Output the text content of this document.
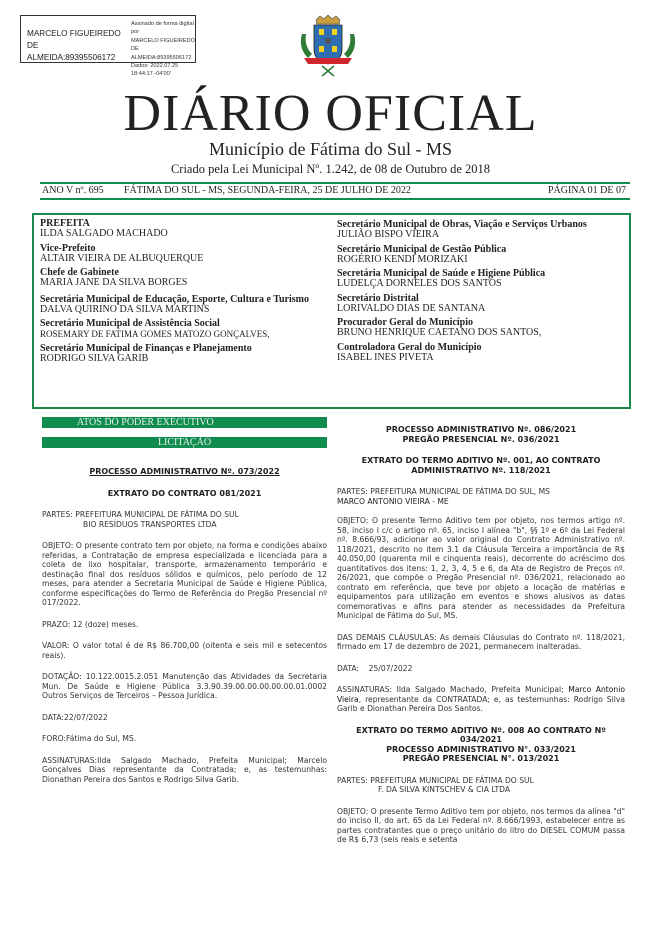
MARCELO FIGUEIREDO DE ALMEIDA:89395506172
Assinado de forma digital por
MARCELO FIGUEIREDO DE
ALMEIDA:89395506172
Dados: 2022.07.25 18:44:17 -04'00'
DIÁRIO OFICIAL
Município de Fátima do Sul - MS
Criado pela Lei Municipal Nº. 1.242, de 08 de Outubro de 2018
ANO V nº. 695 FÁTIMA DO SUL - MS, SEGUNDA-FEIRA, 25 DE JULHO DE 2022	PÁGINA 01 DE 07
PREFEITA
ILDA SALGADO MACHADO
Vice-Prefeito
ALTAIR VIEIRA DE ALBUQUERQUE
Chefe de Gabinete
MARIA JANE DA SILVA BORGES
Secretária Municipal de Educação, Esporte, Cultura e Turismo
DALVA QUIRINO DA SILVA MARTINS
Secretário Municipal de Assistência Social
ROSEMARY DE FATIMA GOMES MATOZO GONÇALVES,
Secretário Municipal de Finanças e Planejamento
RODRIGO SILVA GARIB
Secretário Municipal de Obras, Viação e Serviços Urbanos
JULIÃO BISPO VIEIRA
Secretário Municipal de Gestão Pública
ROGÉRIO KENDI MORIZAKI
Secretária Municipal de Saúde e Higiene Pública
LUDELÇA DORNELES DOS SANTOS
Secretário Distrital
LORIVALDO DIAS DE SANTANA
Procurador Geral do Município
BRUNO HENRIQUE CAETANO DOS SANTOS,
Controladora Geral do Município
ISABEL INES PIVETA
ATOS DO PODER EXECUTIVO
LICITAÇÃO
PROCESSO ADMINISTRATIVO Nº. 073/2022
EXTRATO DO CONTRATO 081/2021
PARTES: PREFEITURA MUNICIPAL DE FÁTIMA DO SUL
BIO RESÍDUOS TRANSPORTES LTDA
OBJETO: O presente contrato tem por objeto, na forma e condições abaixo referidas, a Contratação de empresa especializada e licenciada para a coleta de lixo hospitalar, transporte, armazenamento temporário e destinação final dos resíduos sólidos e químicos, pelo período de 12 meses, para atender a Secretaria Municipal de Saúde e Higiene Pública, conforme especificações do Termo de Referência do Pregão Presencial nº 017/2022.
PRAZO: 12 (doze) meses.
VALOR: O valor total é de R$ 86.700,00 (oitenta e seis mil e setecentos reais).
DOTAÇÃO: 10.122.0015.2.051 Manutenção das Atividades da Secretaria Mun. De Saúde e Higiene Pública 3.3.90.39.00.00.00.00.00.01.0002 Outros Serviços de Terceiros – Pessoa Jurídica.
DATA:22/07/2022
FORO:Fátima do Sul, MS.
ASSINATURAS:Ilda Salgado Machado, Prefeita Municipal; Marcelo Gonçalves Dias representante da Contratada; e, as testemunhas: Dionathan Pereira dos Santos e Rodrigo Silva Garib.
PROCESSO ADMINISTRATIVO Nº. 086/2021
PREGÃO PRESENCIAL Nº. 036/2021
EXTRATO DO TERMO ADITIVO Nº. 001, AO CONTRATO ADMINISTRATIVO Nº. 118/2021
PARTES: PREFEITURA MUNICIPAL DE FÁTIMA DO SUL, MS
MARCO ANTONIO VIEIRA - ME
OBJETO: O presente Termo Aditivo tem por objeto, nos termos artigo nº. 58, inciso I c/c o artigo nº. 65, inciso I alínea "b", §§ 1º e 6º da Lei Federal nº. 8.666/93, adicionar ao valor original do Contrato Administrativo nº. 118/2021, descrito no item 3.1 da Cláusula Terceira a importância de R$ 40.050,00 (quarenta mil e cinquenta reais), decorrente do acréscimo dos quantitativos dos itens: 1, 2, 3, 4, 5 e 6, da Ata de Registro de Preços nº. 26/2021, que compõe o Pregão Presencial nº. 036/2021, relacionado ao contrato em referência, que teve por objeto a locação de matérias e equipamentos para utilização em eventos e shows alusivos as datas comemorativas e afins para atender as necessidades da Prefeitura Municipal de Fátima do Sul, MS.
DAS DEMAIS CLÁUSULAS: As demais Cláusulas do Contrato nº. 118/2021, firmado em 17 de dezembro de 2021, permanecem inalteradas.
DATA:    25/07/2022
ASSINATURAS: Ilda Salgado Machado, Prefeita Municipal; Marco Antonio Vieira, representante da CONTRATADA; e, as testemunhas: Rodrigo Silva Garib e Dionathan Pereira Dos Santos.
EXTRATO DO TERMO ADITIVO Nº. 008 AO CONTRATO Nº 034/2021
PROCESSO ADMINISTRATIVO N°. 033/2021
PREGÃO PRESENCIAL N°. 013/2021
PARTES: PREFEITURA MUNICIPAL DE FÁTIMA DO SUL
F. DA SILVA KINTSCHEV & CIA LTDA
OBJETO: O presente Termo Aditivo tem por objeto, nos termos da alínea "d" do inciso II, do art. 65 da Lei Federal nº. 8.666/1993, estabelecer entre as partes contratantes que o preço unitário do litro do DIESEL COMUM passa de R$ 6,73 (seis reais e setenta
